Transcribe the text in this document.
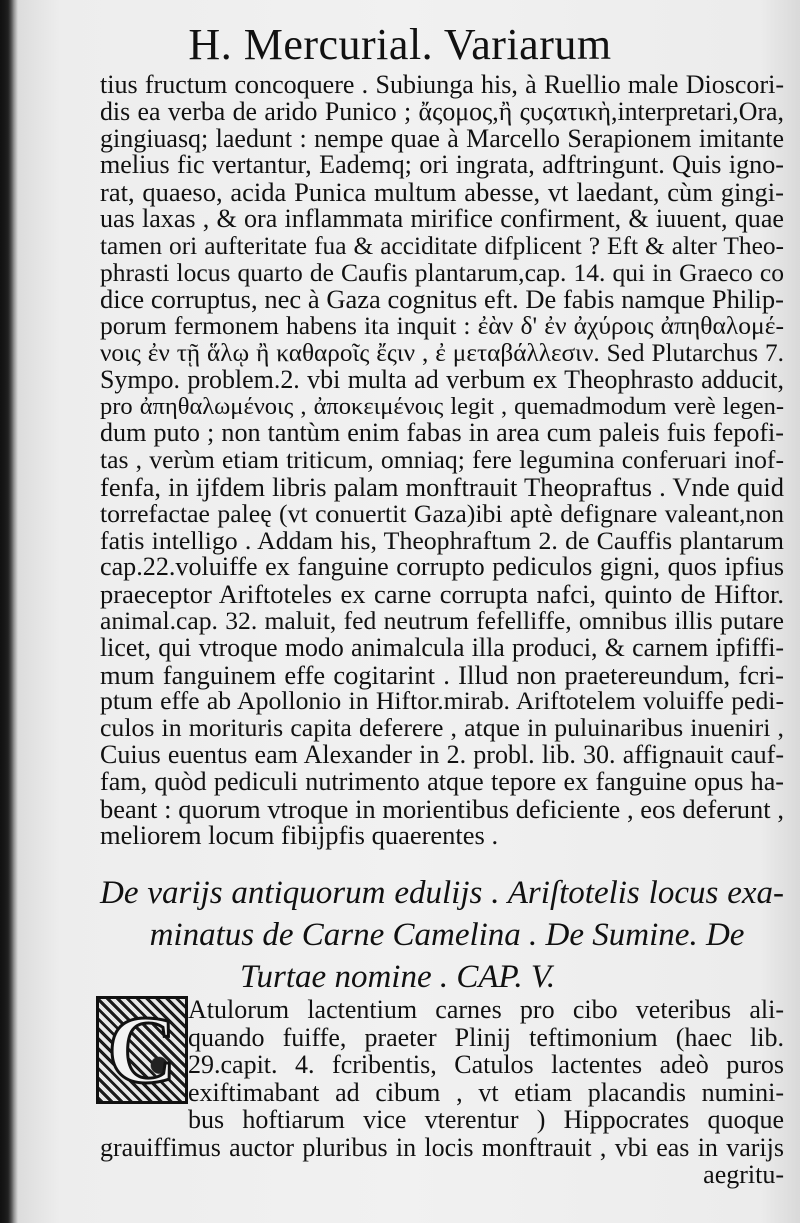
H. Mercurial. Variarum
tius fructum concoquere . Subiunga his, à Ruellio male Dioscori-
dis ea verba de arido Punico ; ἄςομος,ἢ ςυϛατικὴ,interpretari,Ora,
gingiuasq; laedunt : nempe quae à Marcello Serapionem imitante
melius fic vertantur, Eademq; ori ingrata, adftringunt. Quis igno-
rat, quaeso, acida Punica multum abesse, vt laedant, cùm gingi-
uas laxas , & ora inflammata mirifice confirment, & iuuent, quae
tamen ori aufteritate fua & acciditate difplicent ? Eft & alter Theo-
phrasti locus quarto de Caufis plantarum,cap. 14. qui in Graeco co
dice corruptus, nec à Gaza cognitus eft. De fabis namque Philip-
porum fermonem habens ita inquit : ἐὰν δ' ἐν ἀχύροις ἀπηθαλομέ-
νοις ἐν τῇ ἅλῳ ἢ καθαροῖς ἔςιν , ἐ μεταβάλλεσιν. Sed Plutarchus 7.
Sympo. problem.2. vbi multa ad verbum ex Theophrasto adducit,
pro ἀπηθαλωμένοις , ἀποκειμένοις legit , quemadmodum verè legen-
dum puto ; non tantùm enim fabas in area cum paleis fuis fepofi-
tas , verùm etiam triticum, omniaq; fere legumina conferuari inof-
fenfa, in ijfdem libris palam monftrauit Theopraftus . Vnde quid
torrefactae paleę (vt conuertit Gaza)ibi aptè defignare valeant,non
fatis intelligo . Addam his, Theophraftum 2. de Cauffis plantarum
cap.22.voluiffe ex fanguine corrupto pediculos gigni, quos ipfius
praeceptor Ariftoteles ex carne corrupta nafci, quinto de Hiftor.
animal.cap. 32. maluit, fed neutrum fefelliffe, omnibus illis putare
licet, qui vtroque modo animalcula illa produci, & carnem ipfiffi-
mum fanguinem effe cogitarint . Illud non praetereundum, fcri-
ptum effe ab Apollonio in Hiftor.mirab. Ariftotelem voluiffe pedi-
culos in morituris capita deferere , atque in puluinaribus inueniri ,
Cuius euentus eam Alexander in 2. probl. lib. 30. affignauit cauf-
fam, quòd pediculi nutrimento atque tepore ex fanguine opus ha-
beant : quorum vtroque in morientibus deficiente , eos deferunt ,
meliorem locum fibijpfis quaerentes .
De varijs antiquorum edulijs . Ariſtotelis locus exa-
minatus de Carne Camelina . De Sumine. De
Turtae nomine . CAP. V.
C Atulorum lactentium carnes pro cibo veteribus ali-
quando fuiffe, praeter Plinij teftimonium (haec lib.
29.capit. 4. fcribentis, Catulos lactentes adeò puros
exiftimabant ad cibum , vt etiam placandis numini-
bus hoftiarum vice vterentur ) Hippocrates quoque
grauiffimus auctor pluribus in locis monftrauit , vbi eas in varijs
aegritu-
